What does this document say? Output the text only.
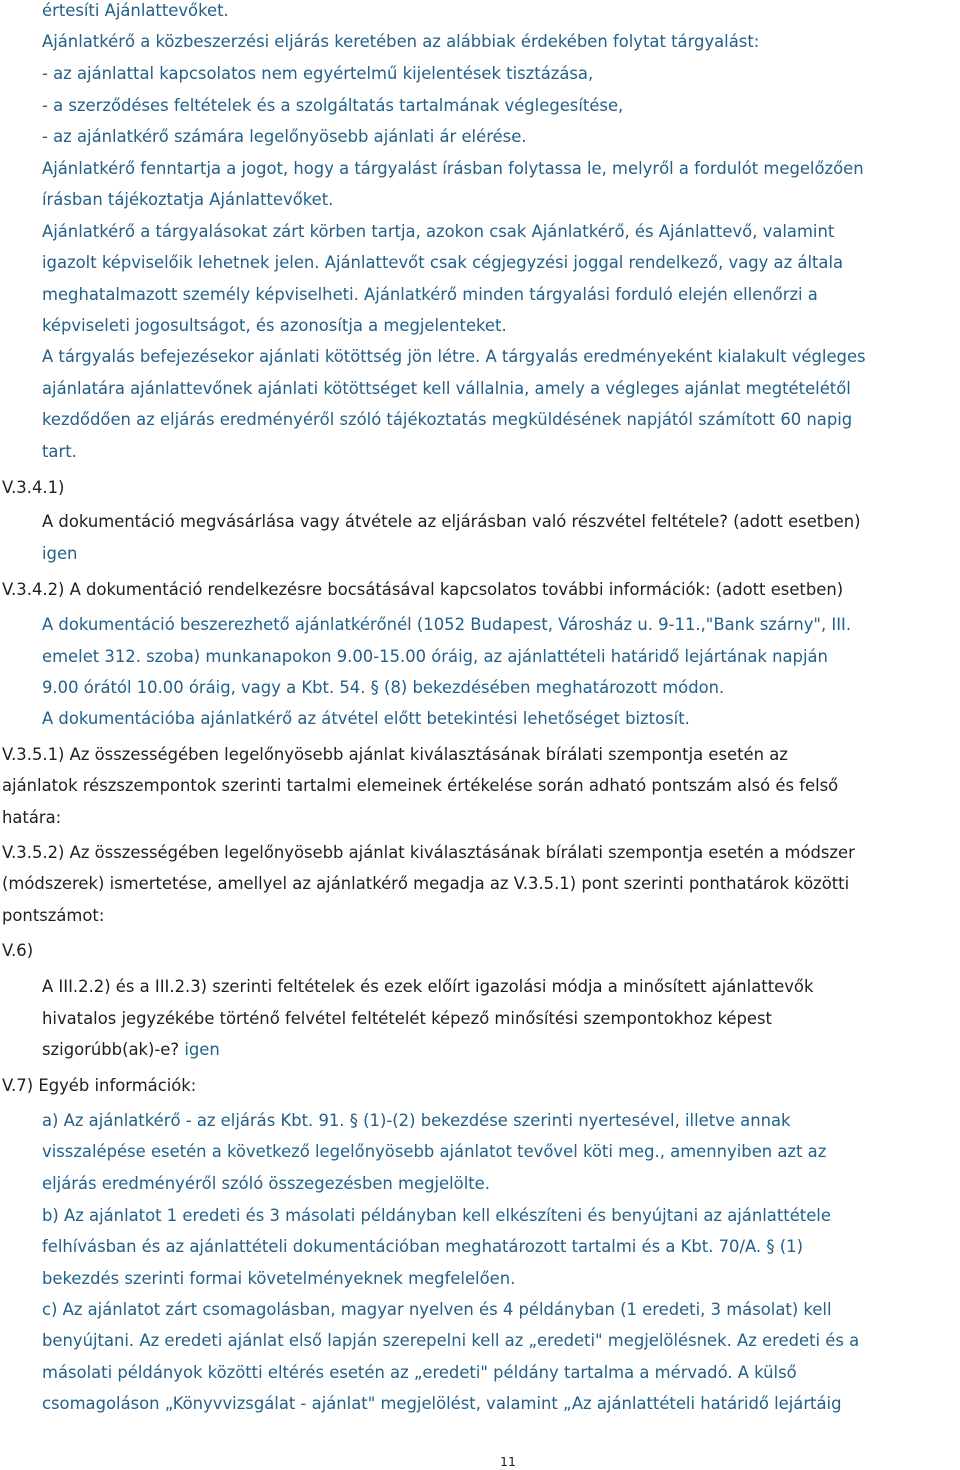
értesíti Ajánlattevőket.
Ajánlatkérő a közbeszerzési eljárás keretében az alábbiak érdekében folytat tárgyalást:
- az ajánlattal kapcsolatos nem egyértelmű kijelentések tisztázása,
- a szerződéses feltételek és a szolgáltatás tartalmának véglegesítése,
- az ajánlatkérő számára legelőnyösebb ajánlati ár elérése.
Ajánlatkérő fenntartja a jogot, hogy a tárgyalást írásban folytassa le, melyről a fordulót megelőzően
írásban tájékoztatja Ajánlattevőket.
Ajánlatkérő a tárgyalásokat zárt körben tartja, azokon csak Ajánlatkérő, és Ajánlattevő, valamint
igazolt képviselőik lehetnek jelen. Ajánlattevőt csak cégjegyzési joggal rendelkező, vagy az általa
meghatalmazott személy képviselheti. Ajánlatkérő minden tárgyalási forduló elején ellenőrzi a
képviseleti jogosultságot, és azonosítja a megjelenteket.
A tárgyalás befejezésekor ajánlati kötöttség jön létre. A tárgyalás eredményeként kialakult végleges
ajánlatára ajánlattevőnek ajánlati kötöttséget kell vállalnia, amely a végleges ajánlat megtételétől
kezdődően az eljárás eredményéről szóló tájékoztatás megküldésének napjától számított 60 napig
tart.
V.3.4.1)
A dokumentáció megvásárlása vagy átvétele az eljárásban való részvétel feltétele? (adott esetben)
igen
V.3.4.2) A dokumentáció rendelkezésre bocsátásával kapcsolatos további információk: (adott esetben)
A dokumentáció beszerezhető ajánlatkérőnél (1052 Budapest, Városház u. 9-11.,"Bank szárny", III.
emelet 312. szoba) munkanapokon 9.00-15.00 óráig, az ajánlattételi határidő lejártának napján
9.00 órától 10.00 óráig, vagy a Kbt. 54. § (8) bekezdésében meghatározott módon.
A dokumentációba ajánlatkérő az átvétel előtt betekintési lehetőséget biztosít.
V.3.5.1) Az összességében legelőnyösebb ajánlat kiválasztásának bírálati szempontja esetén az
ajánlatok részszempontok szerinti tartalmi elemeinek értékelése során adható pontszám alsó és felső
határa:
V.3.5.2) Az összességében legelőnyösebb ajánlat kiválasztásának bírálati szempontja esetén a módszer
(módszerek) ismertetése, amellyel az ajánlatkérő megadja az V.3.5.1) pont szerinti ponthatárok közötti
pontszámot:
V.6)
A III.2.2) és a III.2.3) szerinti feltételek és ezek előírt igazolási módja a minősített ajánlattevők
hivatalos jegyzékébe történő felvétel feltételét képező minősítési szempontokhoz képest
szigorúbb(ak)-e? igen
V.7) Egyéb információk:
a) Az ajánlatkérő - az eljárás Kbt. 91. § (1)-(2) bekezdése szerinti nyertesével, illetve annak
visszalépése esetén a következő legelőnyösebb ajánlatot tevővel köti meg., amennyiben azt az
eljárás eredményéről szóló összegezésben megjelölte.
b) Az ajánlatot 1 eredeti és 3 másolati példányban kell elkészíteni és benyújtani az ajánlattétele
felhívásban és az ajánlattételi dokumentációban meghatározott tartalmi és a Kbt. 70/A. § (1)
bekezdés szerinti formai követelményeknek megfelelően.
c) Az ajánlatot zárt csomagolásban, magyar nyelven és 4 példányban (1 eredeti, 3 másolat) kell
benyújtani. Az eredeti ajánlat első lapján szerepelni kell az „eredeti" megjelölésnek. Az eredeti és a
másolati példányok közötti eltérés esetén az „eredeti" példány tartalma a mérvadó. A külső
csomagoláson „Könyvvizsgálat - ajánlat" megjelölést, valamint „Az ajánlattételi határidő lejártáig
11
